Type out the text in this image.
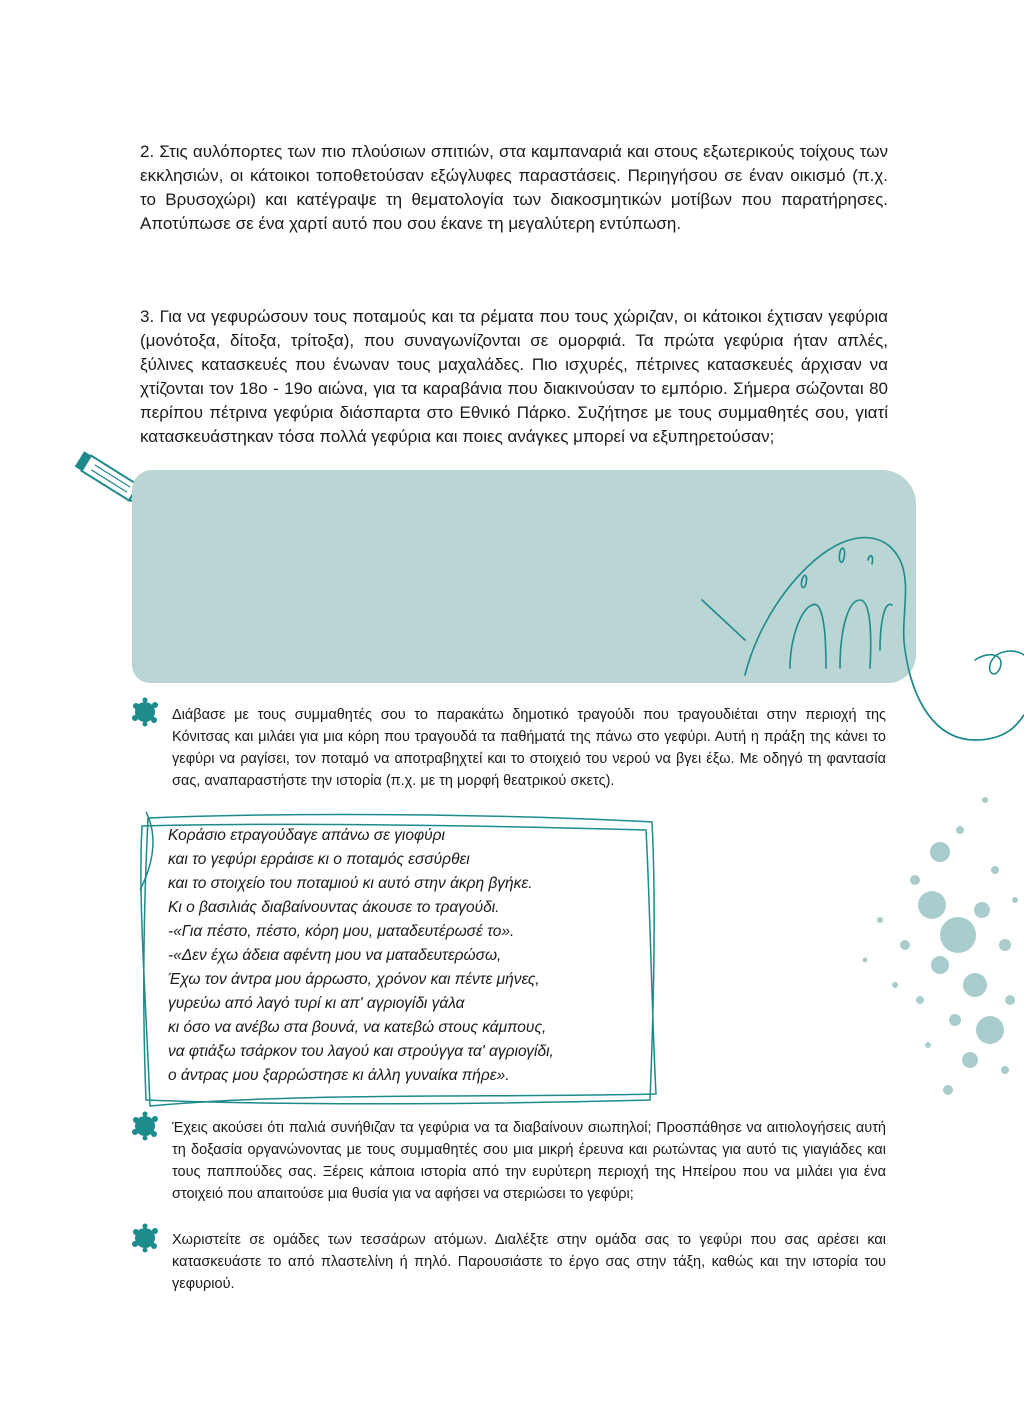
2. Στις αυλόπορτες των πιο πλούσιων σπιτιών, στα καμπαναριά και στους εξωτερικούς τοίχους των εκκλησιών, οι κάτοικοι τοποθετούσαν εξώγλυφες παραστάσεις. Περιηγήσου σε έναν οικισμό (π.χ. το Βρυσοχώρι) και κατέγραψε τη θεματολογία των διακοσμητικών μοτίβων που παρατήρησες. Αποτύπωσε σε ένα χαρτί αυτό που σου έκανε τη μεγαλύτερη εντύπωση.

3. Για να γεφυρώσουν τους ποταμούς και τα ρέματα που τους χώριζαν, οι κάτοικοι έχτισαν γεφύρια (μονότοξα, δίτοξα, τρίτοξα), που συναγωνίζονται σε ομορφιά. Τα πρώτα γεφύρια ήταν απλές, ξύλινες κατασκευές που ένωναν τους μαχαλάδες. Πιο ισχυρές, πέτρινες κατασκευές άρχισαν να χτίζονται τον 18ο - 19ο αιώνα, για τα καραβάνια που διακινούσαν το εμπόριο. Σήμερα σώζονται 80 περίπου πέτρινα γεφύρια διάσπαρτα στο Εθνικό Πάρκο. Συζήτησε με τους συμμαθητές σου, γιατί κατασκευάστηκαν τόσα πολλά γεφύρια και ποιες ανάγκες μπορεί να εξυπηρετούσαν;

Διάβασε με τους συμμαθητές σου το παρακάτω δημοτικό τραγούδι που τραγουδιέται στην περιοχή της Κόνιτσας και μιλάει για μια κόρη που τραγουδά τα παθήματά της πάνω στο γεφύρι. Αυτή η πράξη της κάνει το γεφύρι να ραγίσει, τον ποταμό να αποτραβηχτεί και το στοιχειό του νερού να βγει έξω. Με οδηγό τη φαντασία σας, αναπαραστήστε την ιστορία (π.χ. με τη μορφή θεατρικού σκετς).

Κοράσιο ετραγούδαγε απάνω σε γιοφύρι
και το γεφύρι ερράισε κι ο ποταμός εσσύρθει
και το στοιχείο του ποταμιού κι αυτό στην άκρη βγήκε.
Κι ο βασιλιάς διαβαίνουντας άκουσε το τραγούδι.
-«Για πέστο, πέστο, κόρη μου, ματαδευτέρωσέ το».
-«Δεν έχω άδεια αφέντη μου να ματαδευτερώσω,
Έχω τον άντρα μου άρρωστο, χρόνον και πέντε μήνες,
γυρεύω από λαγό τυρί κι απ' αγριογίδι γάλα
κι όσο να ανέβω στα βουνά, να κατεβώ στους κάμπους,
να φτιάξω τσάρκον του λαγού και στρούγγα τα' αγριογίδι,
ο άντρας μου ξαρρώστησε κι άλλη γυναίκα πήρε».

Έχεις ακούσει ότι παλιά συνήθιζαν τα γεφύρια να τα διαβαίνουν σιωπηλοί; Προσπάθησε να αιτιολογήσεις αυτή τη δοξασία οργανώνοντας με τους συμμαθητές σου μια μικρή έρευνα και ρωτώντας για αυτό τις γιαγιάδες και τους παππούδες σας. Ξέρεις κάποια ιστορία από την ευρύτερη περιοχή της Ηπείρου που να μιλάει για ένα στοιχειό που απαιτούσε μια θυσία για να αφήσει να στεριώσει το γεφύρι;

Χωριστείτε σε ομάδες των τεσσάρων ατόμων. Διαλέξτε στην ομάδα σας το γεφύρι που σας αρέσει και κατασκευάστε το από πλαστελίνη ή πηλό. Παρουσιάστε το έργο σας στην τάξη, καθώς και την ιστορία του γεφυριού.
